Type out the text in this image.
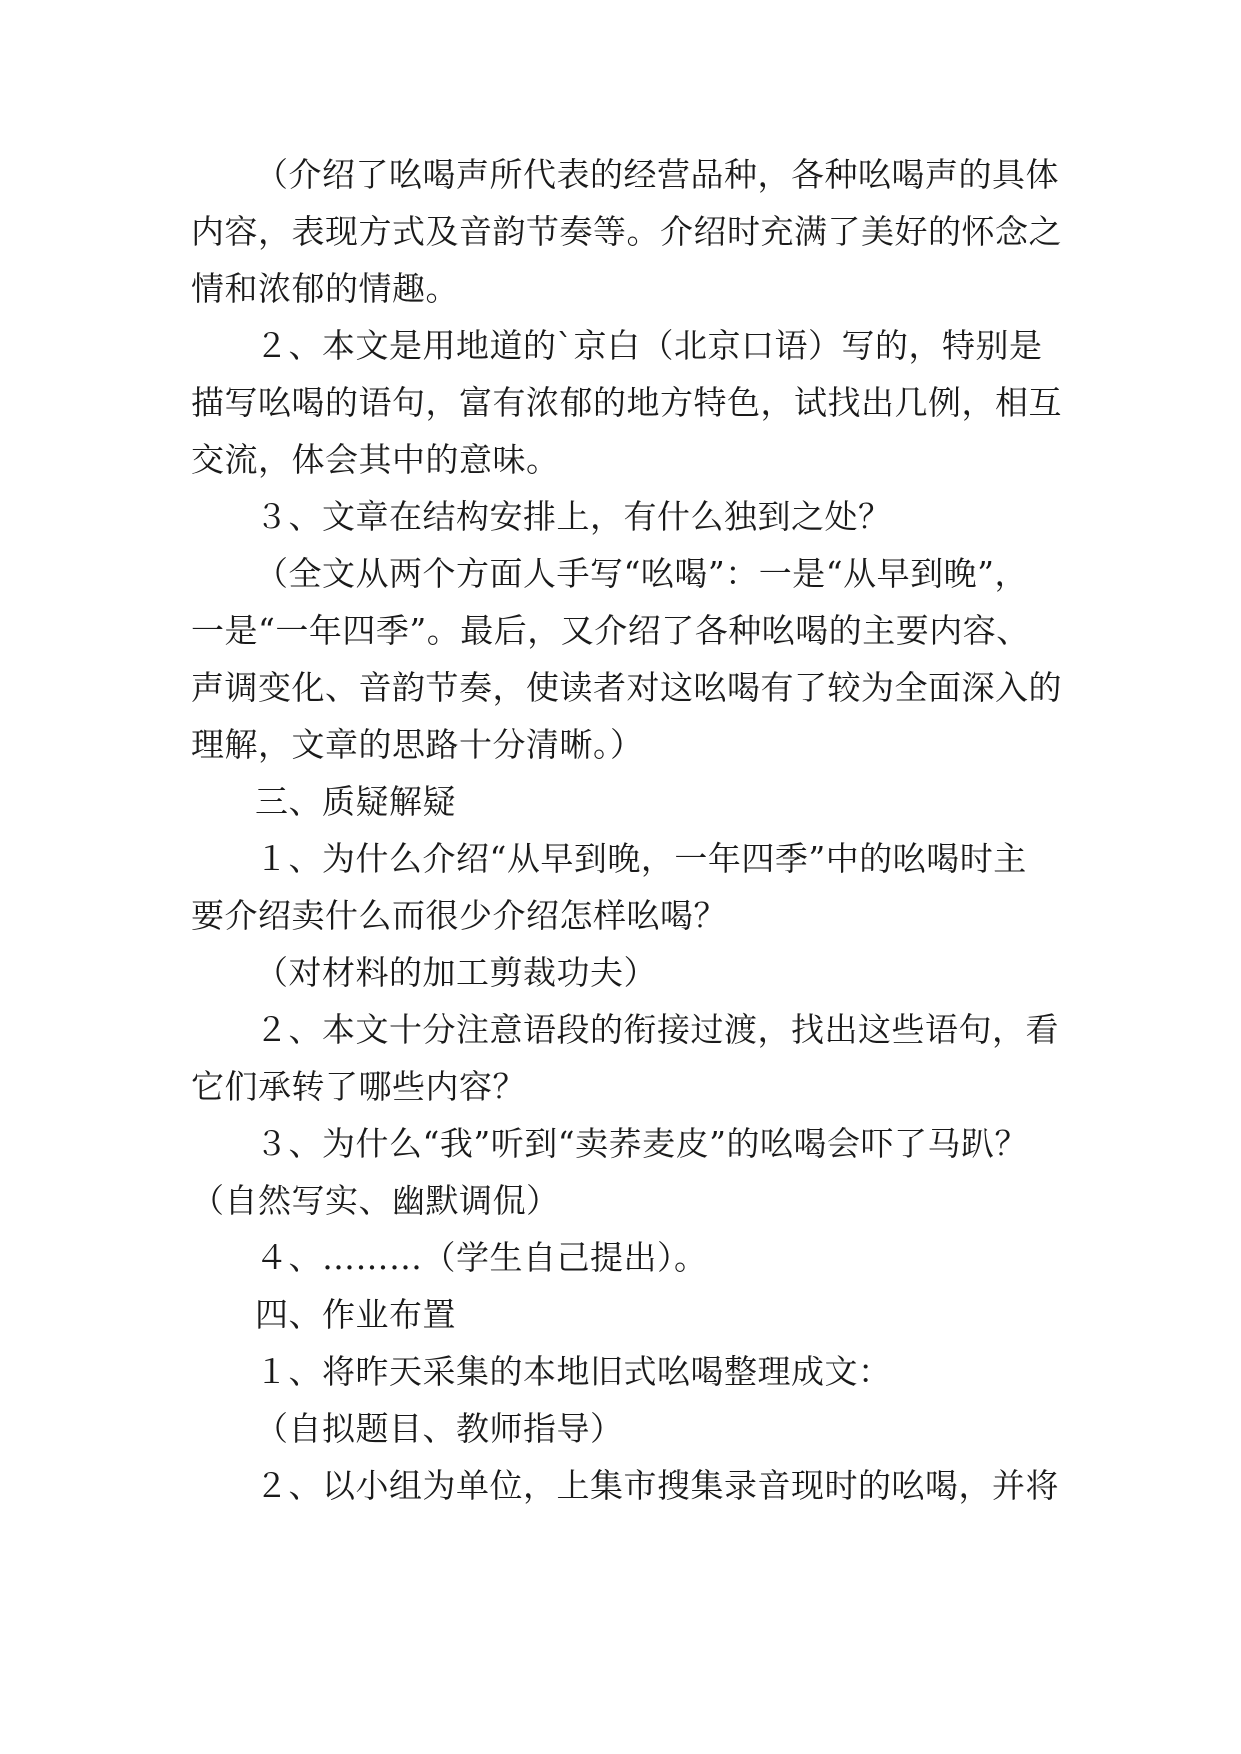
（介绍了吆喝声所代表的经营品种，各种吆喝声的具体
内容，表现方式及音韵节奏等。介绍时充满了美好的怀念之
情和浓郁的情趣。
２、本文是用地道的`京白（北京口语）写的，特别是
描写吆喝的语句，富有浓郁的地方特色，试找出几例，相互
交流，体会其中的意味。
３、文章在结构安排上，有什么独到之处？
（全文从两个方面人手写“吆喝”：一是“从早到晚”，
一是“一年四季”。最后，又介绍了各种吆喝的主要内容、
声调变化、音韵节奏，使读者对这吆喝有了较为全面深入的
理解，文章的思路十分清晰。）
三、质疑解疑
１、为什么介绍“从早到晚，一年四季”中的吆喝时主
要介绍卖什么而很少介绍怎样吆喝？
（对材料的加工剪裁功夫）
２、本文十分注意语段的衔接过渡，找出这些语句，看
它们承转了哪些内容？
３、为什么“我”听到“卖荞麦皮”的吆喝会吓了马趴？
（自然写实、幽默调侃）
４、………（学生自己提出）。
四、作业布置
１、将昨天采集的本地旧式吆喝整理成文：
（自拟题目、教师指导）
２、以小组为单位，上集市搜集录音现时的吆喝，并将
